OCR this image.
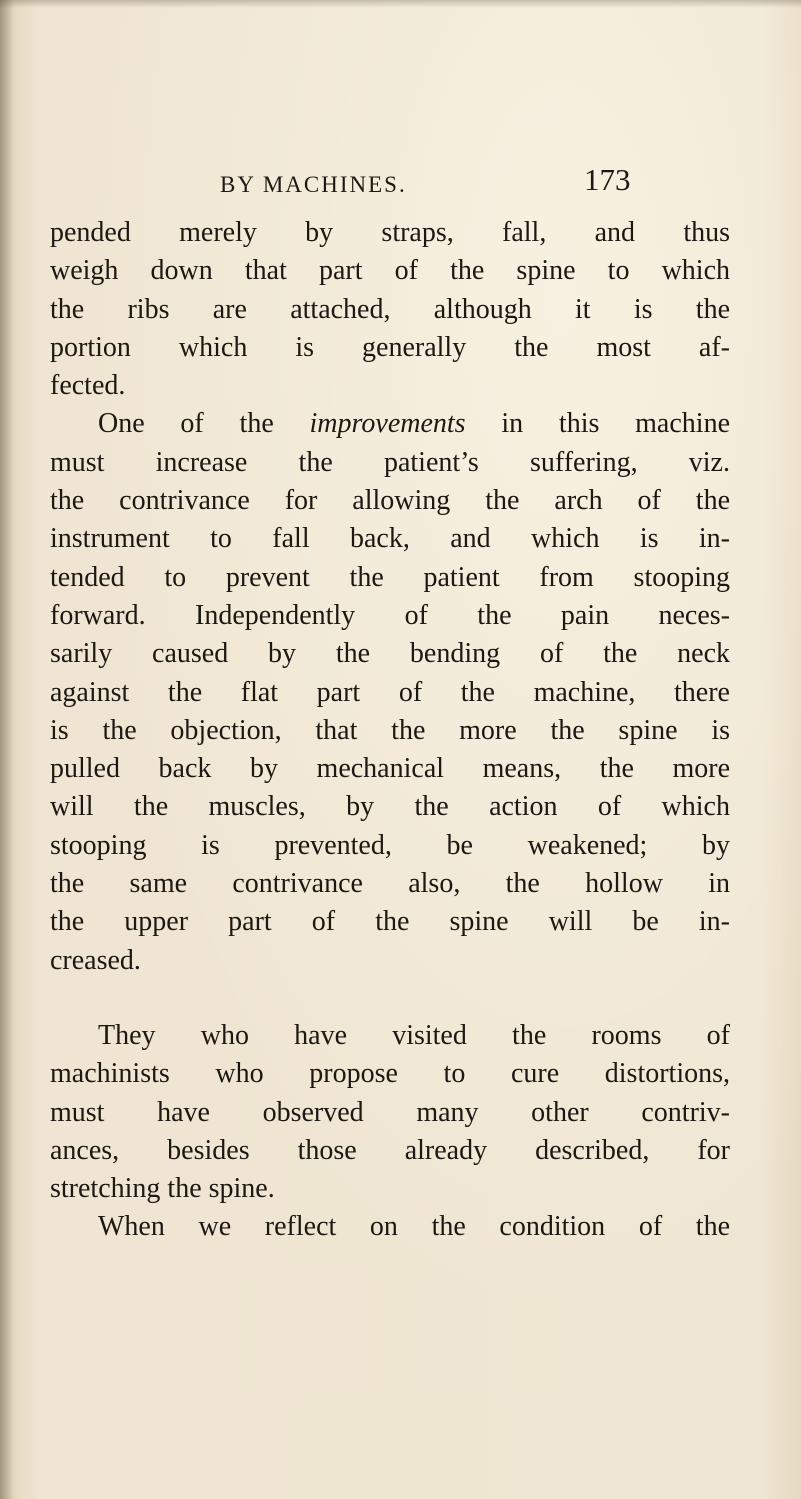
BY MACHINES.	173
pended merely by straps, fall, and thus
weigh down that part of the spine to which
the ribs are attached, although it is the
portion which is generally the most af-
fected.
One of the improvements in this machine
must increase the patient’s suffering, viz.
the contrivance for allowing the arch of the
instrument to fall back, and which is in-
tended to prevent the patient from stooping
forward. Independently of the pain neces-
sarily caused by the bending of the neck
against the flat part of the machine, there
is the objection, that the more the spine is
pulled back by mechanical means, the more
will the muscles, by the action of which
stooping is prevented, be weakened; by
the same contrivance also, the hollow in
the upper part of the spine will be in-
creased.
They who have visited the rooms of
machinists who propose to cure distortions,
must have observed many other contriv-
ances, besides those already described, for
stretching the spine.
When we reflect on the condition of the
